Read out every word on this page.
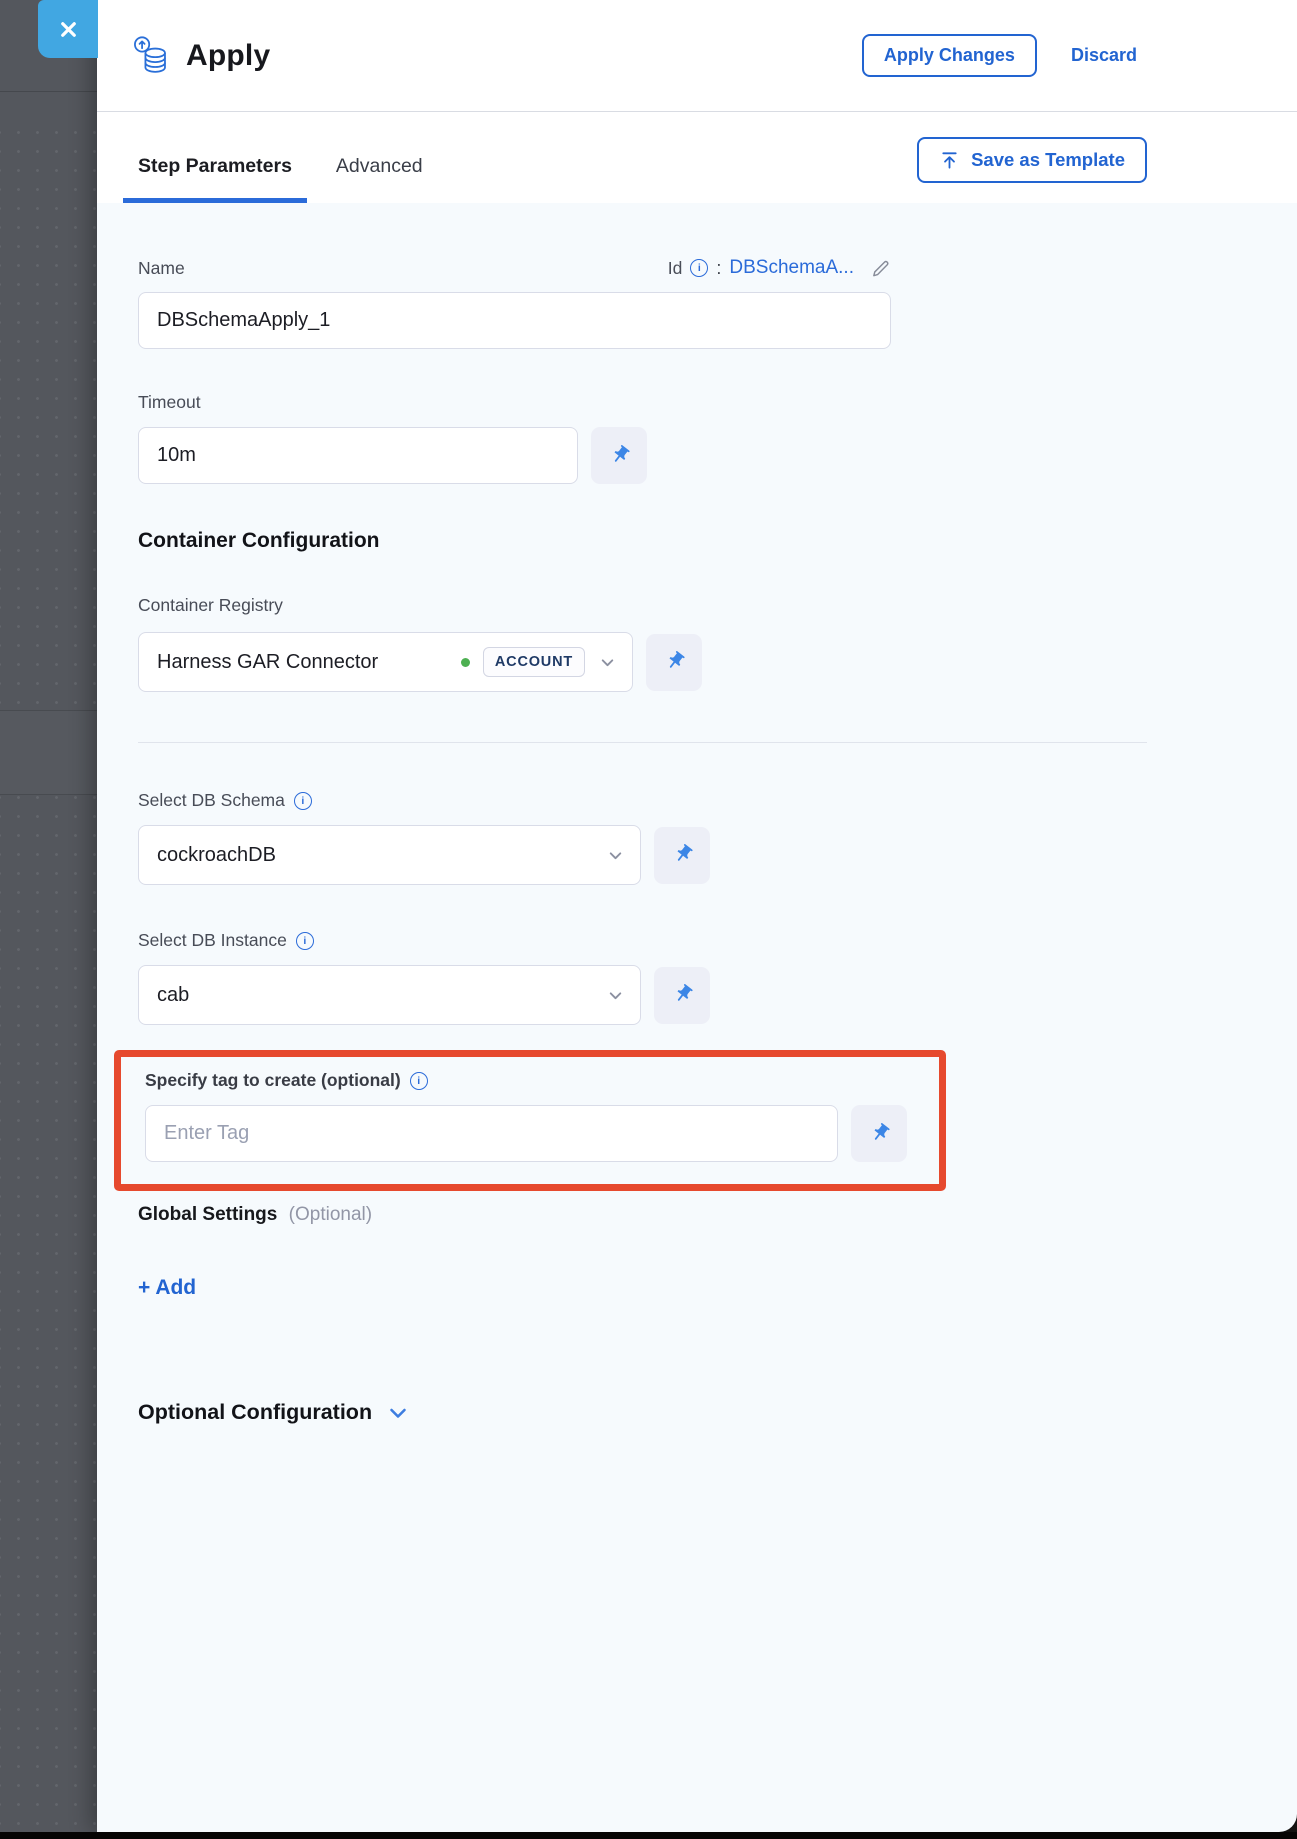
Apply	Apply Changes	Discard
Step Parameters	Advanced	Save as Template
Name	Id	i : DBSchemaA...
DBSchemaApply_1
Timeout
10m
Container Configuration
Container Registry
Harness GAR Connector	ACCOUNT
Select DB Schema	i
cockroachDB
Select DB Instance	i
cab
Specify tag to create (optional)	i
Enter Tag
Global Settings (Optional)
+ Add
Optional Configuration
